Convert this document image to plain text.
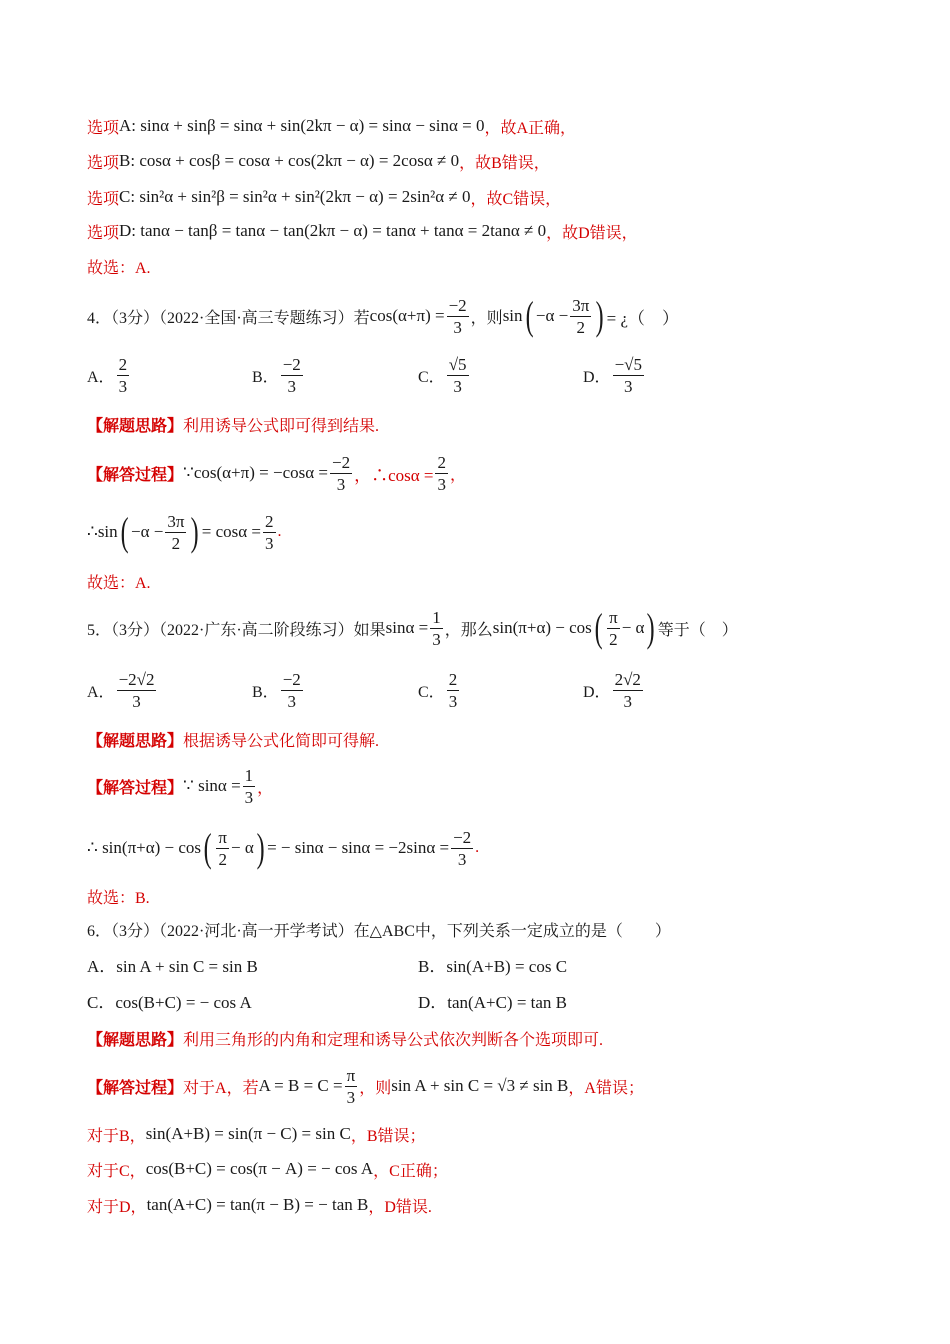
选项 A: sinα + sinβ = sinα + sin(2kπ − α) = sinα − sinα = 0 ，故A正确，
选项 B: cosα + cosβ = cosα + cos(2kπ − α) = 2cosα ≠ 0 ，故B错误，
选项 C: sin²α + sin²β = sin²α + sin²(2kπ − α) = 2sin²α ≠ 0 ，故C错误，
选项 D: tanα − tanβ = tanα − tan(2kπ − α) = tanα + tanα = 2tanα ≠ 0 ，故D错误，
故选：A.
4．（3分）（2022·全国·高三专题练习）若 $\cos(\alpha+\pi) = \frac{-2}{3}$ ，则 sin ( $-\alpha - \frac{3\pi}{2}$ ) = ¿（　）
A． $\frac{2}{3}$	B． $\frac{-2}{3}$	C． $\frac{√5}{3}$	D． $\frac{-√5}{3}$
【解题思路】 利用诱导公式即可得到结果.
【解答过程】 ∵cos(α+π) = $-\cos\alpha = \frac{-2}{3}$ ，∴cosα = $\frac{2}{3}$ ，
∴sin ( $-\alpha - \frac{3\pi}{2}$ ) = $\cos\alpha = \frac{2}{3}$ .
故选：A.
5．（3分）（2022·广东·高二阶段练习）如果 $\sin\alpha = \frac{1}{3}$ ，那么 sin(π+α) − cos ( $\frac{\pi}{2} - \alpha$ ) 等于（　）
A． $\frac{-2√2}{3}$	B． $\frac{-2}{3}$	C． $\frac{2}{3}$	D． $\frac{2√2}{3}$
【解题思路】 根据诱导公式化简即可得解.
【解答过程】 ∵ $\sin\alpha = \frac{1}{3}$ ，
∴ sin(π+α) − cos ( $\frac{\pi}{2} - \alpha$ ) = − $\sin\alpha - \sin\alpha = -2\sin\alpha = \frac{-2}{3}$ .
故选：B.
6．（3分）（2022·河北·高一开学考试）在△ABC中，下列关系一定成立的是（　　）
A．sin A + sin C = sin B	B．sin(A+B) = cos C
C．cos(B+C) = − cos A	D．tan(A+C) = tan B
【解题思路】 利用三角形的内角和定理和诱导公式依次判断各个选项即可.
【解答过程】 对于A，若 $A = B = C = \frac{\pi}{3}$ ，则 sin A + sin C = √3 ≠ sin B ，A错误；
对于B， sin(A+B) = sin(π − C) = sin C ，B错误；
对于C， cos(B+C) = cos(π − A) = − cos A ，C正确；
对于D， tan(A+C) = tan(π − B) = − tan B ，D错误.
